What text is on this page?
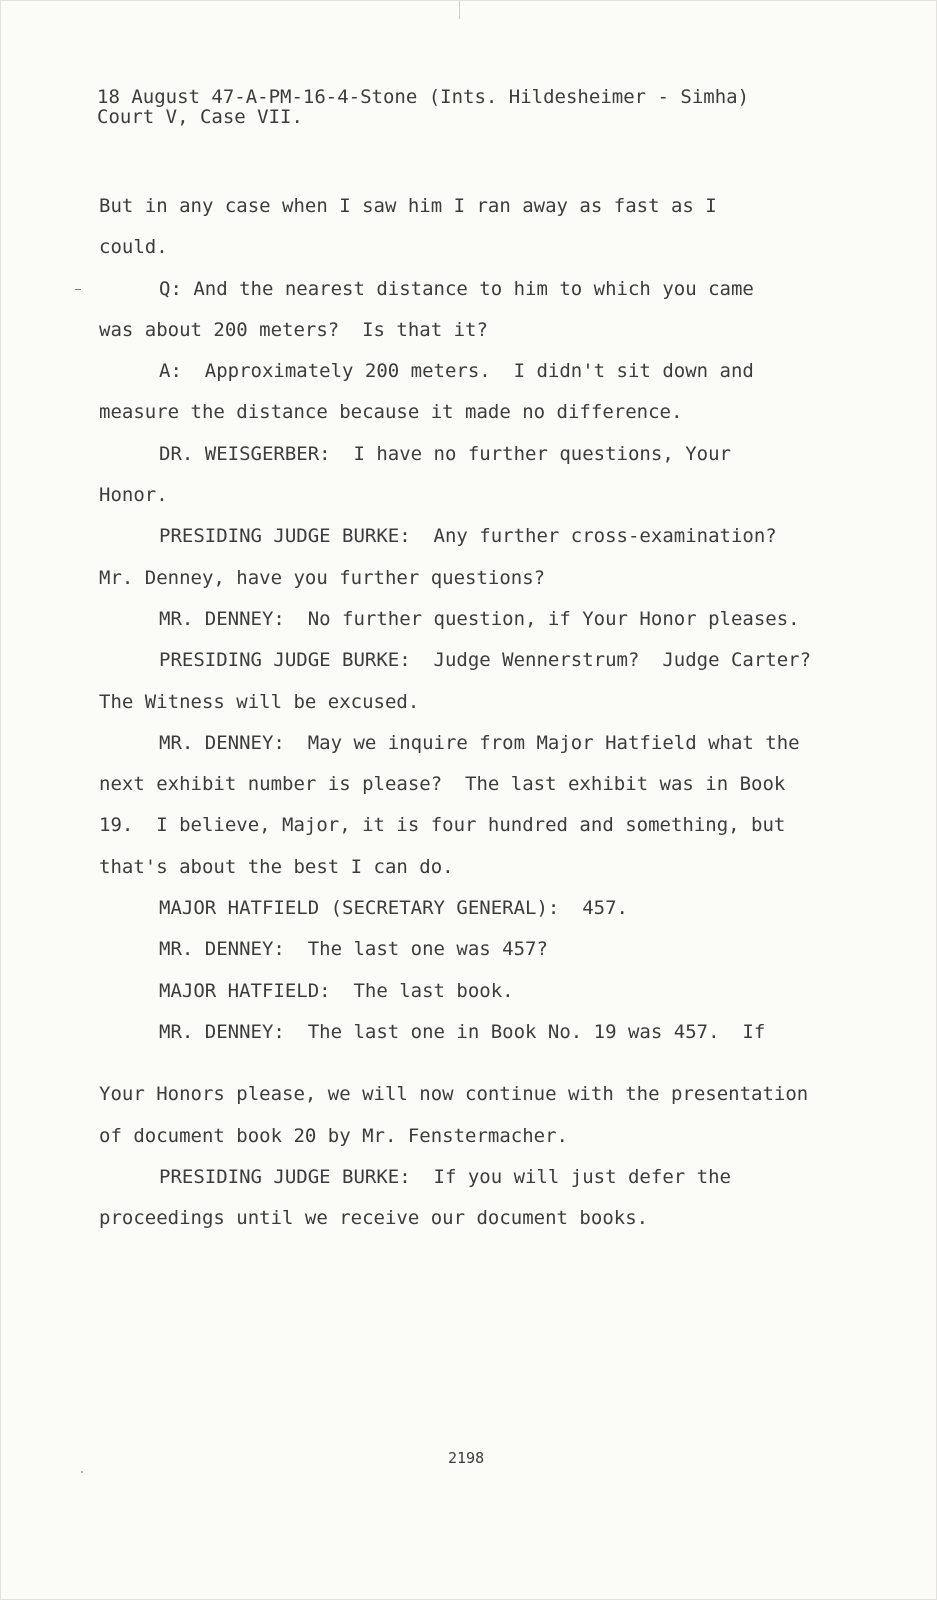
18 August 47-A-PM-16-4-Stone (Ints. Hildesheimer - Simha)
Court V, Case VII.
But in any case when I saw him I ran away as fast as I
could.
Q: And the nearest distance to him to which you came
was about 200 meters?  Is that it?
A:  Approximately 200 meters.  I didn't sit down and
measure the distance because it made no difference.
DR. WEISGERBER:  I have no further questions, Your
Honor.
PRESIDING JUDGE BURKE:  Any further cross-examination?
Mr. Denney, have you further questions?
MR. DENNEY:  No further question, if Your Honor pleases.
PRESIDING JUDGE BURKE:  Judge Wennerstrum?  Judge Carter?
The Witness will be excused.
MR. DENNEY:  May we inquire from Major Hatfield what the
next exhibit number is please?  The last exhibit was in Book
19.  I believe, Major, it is four hundred and something, but
that's about the best I can do.
MAJOR HATFIELD (SECRETARY GENERAL):  457.
MR. DENNEY:  The last one was 457?
MAJOR HATFIELD:  The last book.
MR. DENNEY:  The last one in Book No. 19 was 457.  If
Your Honors please, we will now continue with the presentation
of document book 20 by Mr. Fenstermacher.
PRESIDING JUDGE BURKE:  If you will just defer the
proceedings until we receive our document books.
2198
